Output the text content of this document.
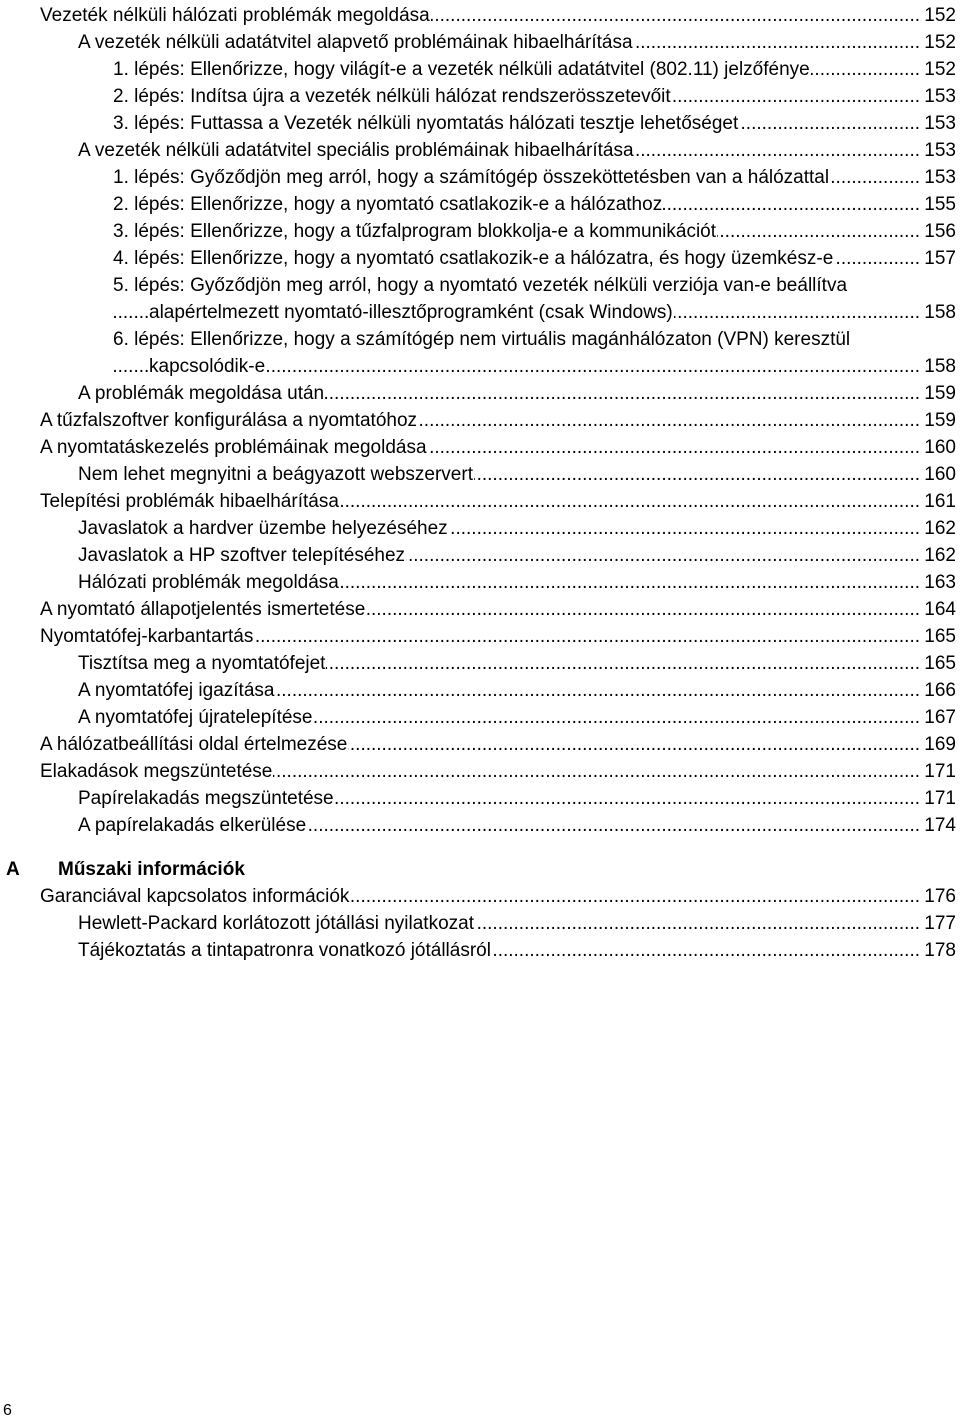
.....
Vezeték nélküli hálózati problémák megoldása	152
.....
A vezeték nélküli adatátvitel alapvető problémáinak hibaelhárítása	152
.....
1. lépés: Ellenőrizze, hogy világít-e a vezeték nélküli adatátvitel (802.11) jelzőfénye	152
.....
2. lépés: Indítsa újra a vezeték nélküli hálózat rendszerösszetevőit	153
.....
3. lépés: Futtassa a Vezeték nélküli nyomtatás hálózati tesztje lehetőséget	153
.....
A vezeték nélküli adatátvitel speciális problémáinak hibaelhárítása	153
.....
1. lépés: Győződjön meg arról, hogy a számítógép összeköttetésben van a hálózattal	153
.....
2. lépés: Ellenőrizze, hogy a nyomtató csatlakozik-e a hálózathoz	155
.....
3. lépés: Ellenőrizze, hogy a tűzfalprogram blokkolja-e a kommunikációt	156
.....
4. lépés: Ellenőrizze, hogy a nyomtató csatlakozik-e a hálózatra, és hogy üzemkész-e	157
.....
5. lépés: Győződjön meg arról, hogy a nyomtató vezeték nélküli verziója van-e beállítva alapértelmezett nyomtató-illesztőprogramként (csak Windows)	158
.....
6. lépés: Ellenőrizze, hogy a számítógép nem virtuális magánhálózaton (VPN) keresztül kapcsolódik-e	158
.....
A problémák megoldása után	159
.....
A tűzfalszoftver konfigurálása a nyomtatóhoz	159
.....
A nyomtatáskezelés problémáinak megoldása	160
.....
Nem lehet megnyitni a beágyazott webszervert	160
.....
Telepítési problémák hibaelhárítása	161
.....
Javaslatok a hardver üzembe helyezéséhez	162
.....
Javaslatok a HP szoftver telepítéséhez	162
.....
Hálózati problémák megoldása	163
.....
A nyomtató állapotjelentés ismertetése	164
.....
Nyomtatófej-karbantartás	165
.....
Tisztítsa meg a nyomtatófejet	165
.....
A nyomtatófej igazítása	166
.....
A nyomtatófej újratelepítése	167
.....
A hálózatbeállítási oldal értelmezése	169
.....
Elakadások megszüntetése	171
.....
Papírelakadás megszüntetése	171
.....
A papírelakadás elkerülése	174
A Műszaki információk
.....
Garanciával kapcsolatos információk	176
.....
Hewlett-Packard korlátozott jótállási nyilatkozat	177
.....
Tájékoztatás a tintapatronra vonatkozó jótállásról	178
6
